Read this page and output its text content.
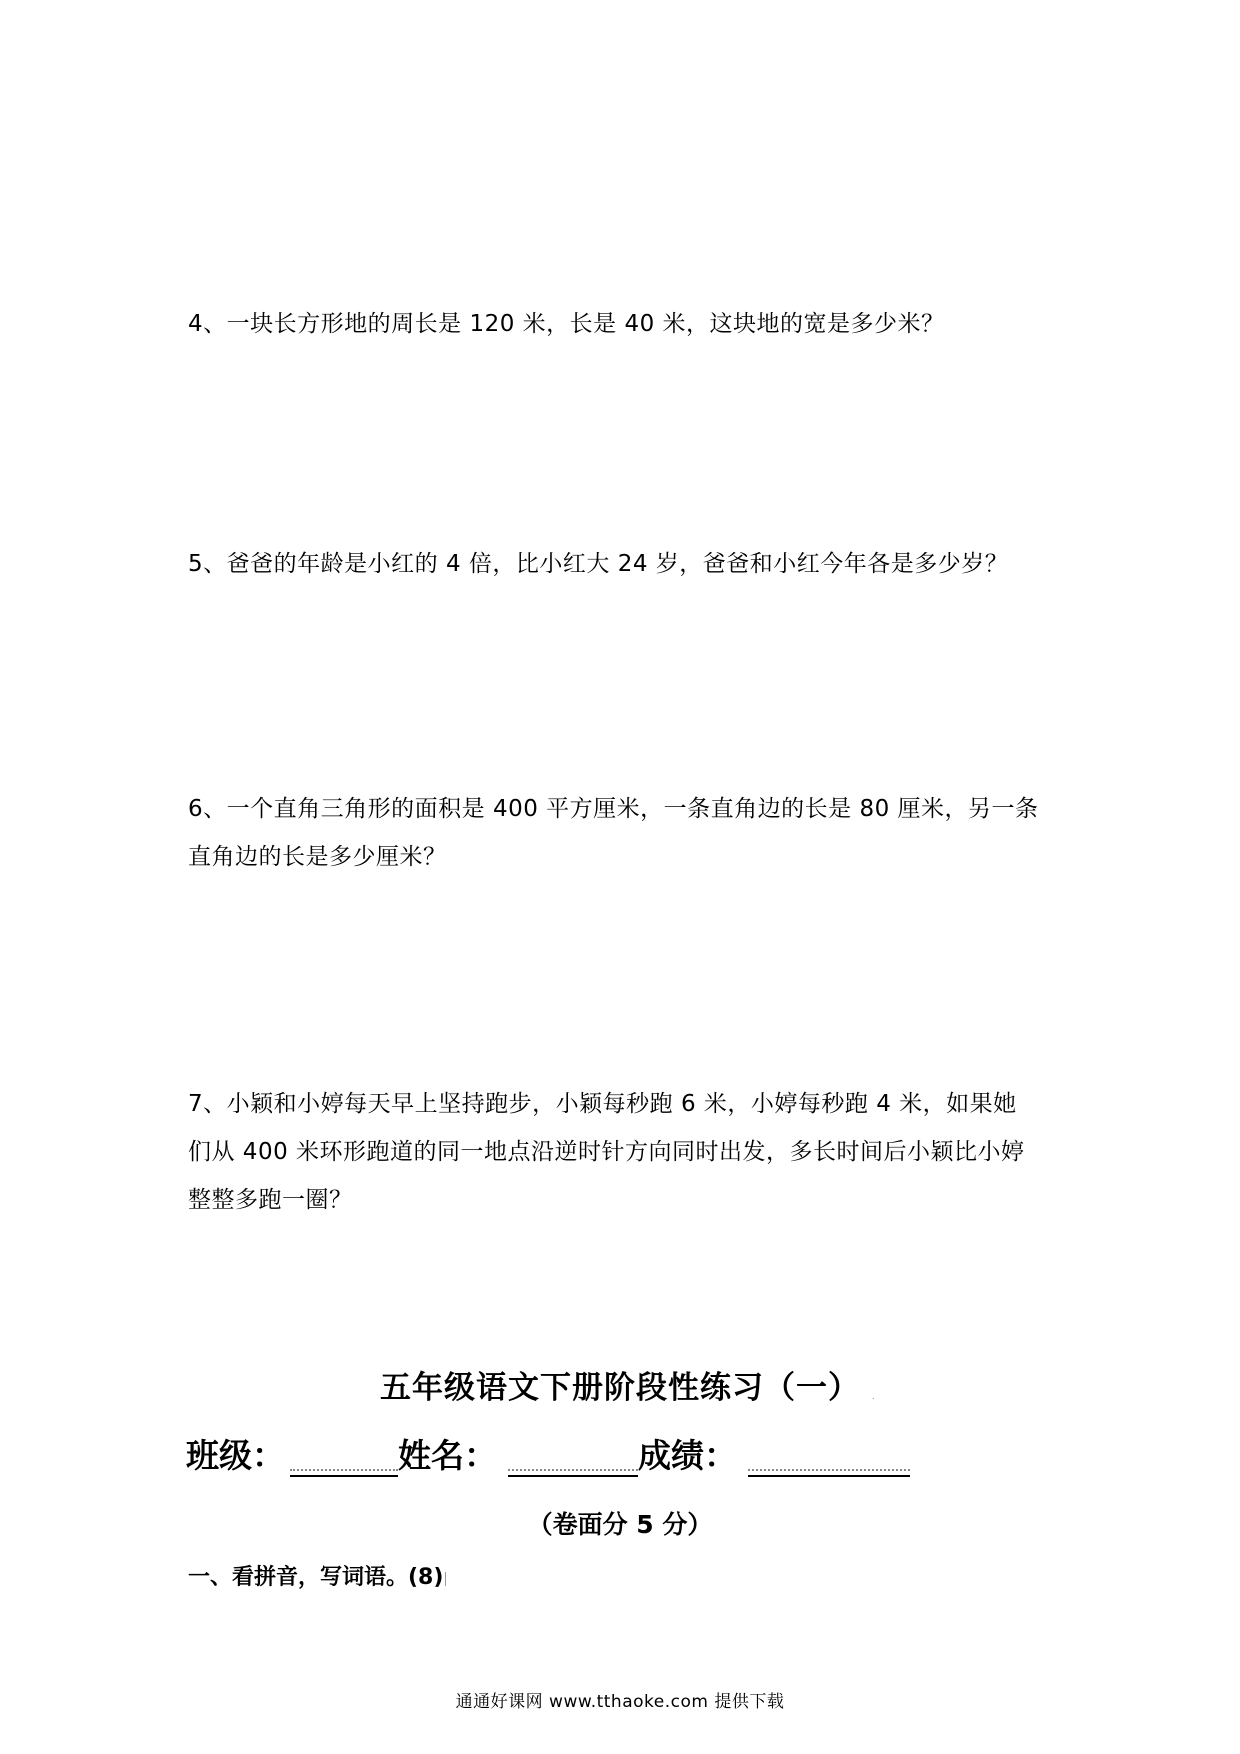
4、一块长方形地的周长是 120 米，长是 40 米，这块地的宽是多少米？
5、爸爸的年龄是小红的 4 倍，比小红大 24 岁，爸爸和小红今年各是多少岁？
6、一个直角三角形的面积是 400 平方厘米，一条直角边的长是 80 厘米，另一条
直角边的长是多少厘米？
7、小颖和小婷每天早上坚持跑步，小颖每秒跑 6 米，小婷每秒跑 4 米，如果她
们从 400 米环形跑道的同一地点沿逆时针方向同时出发，多长时间后小颖比小婷
整整多跑一圈？
五年级语文下册阶段性练习（一）	.
班级：	姓名：	成绩：
（卷面分 5 分）
一、看拼音，写词语。(8)
通通好课网 www.tthaoke.com 提供下载
